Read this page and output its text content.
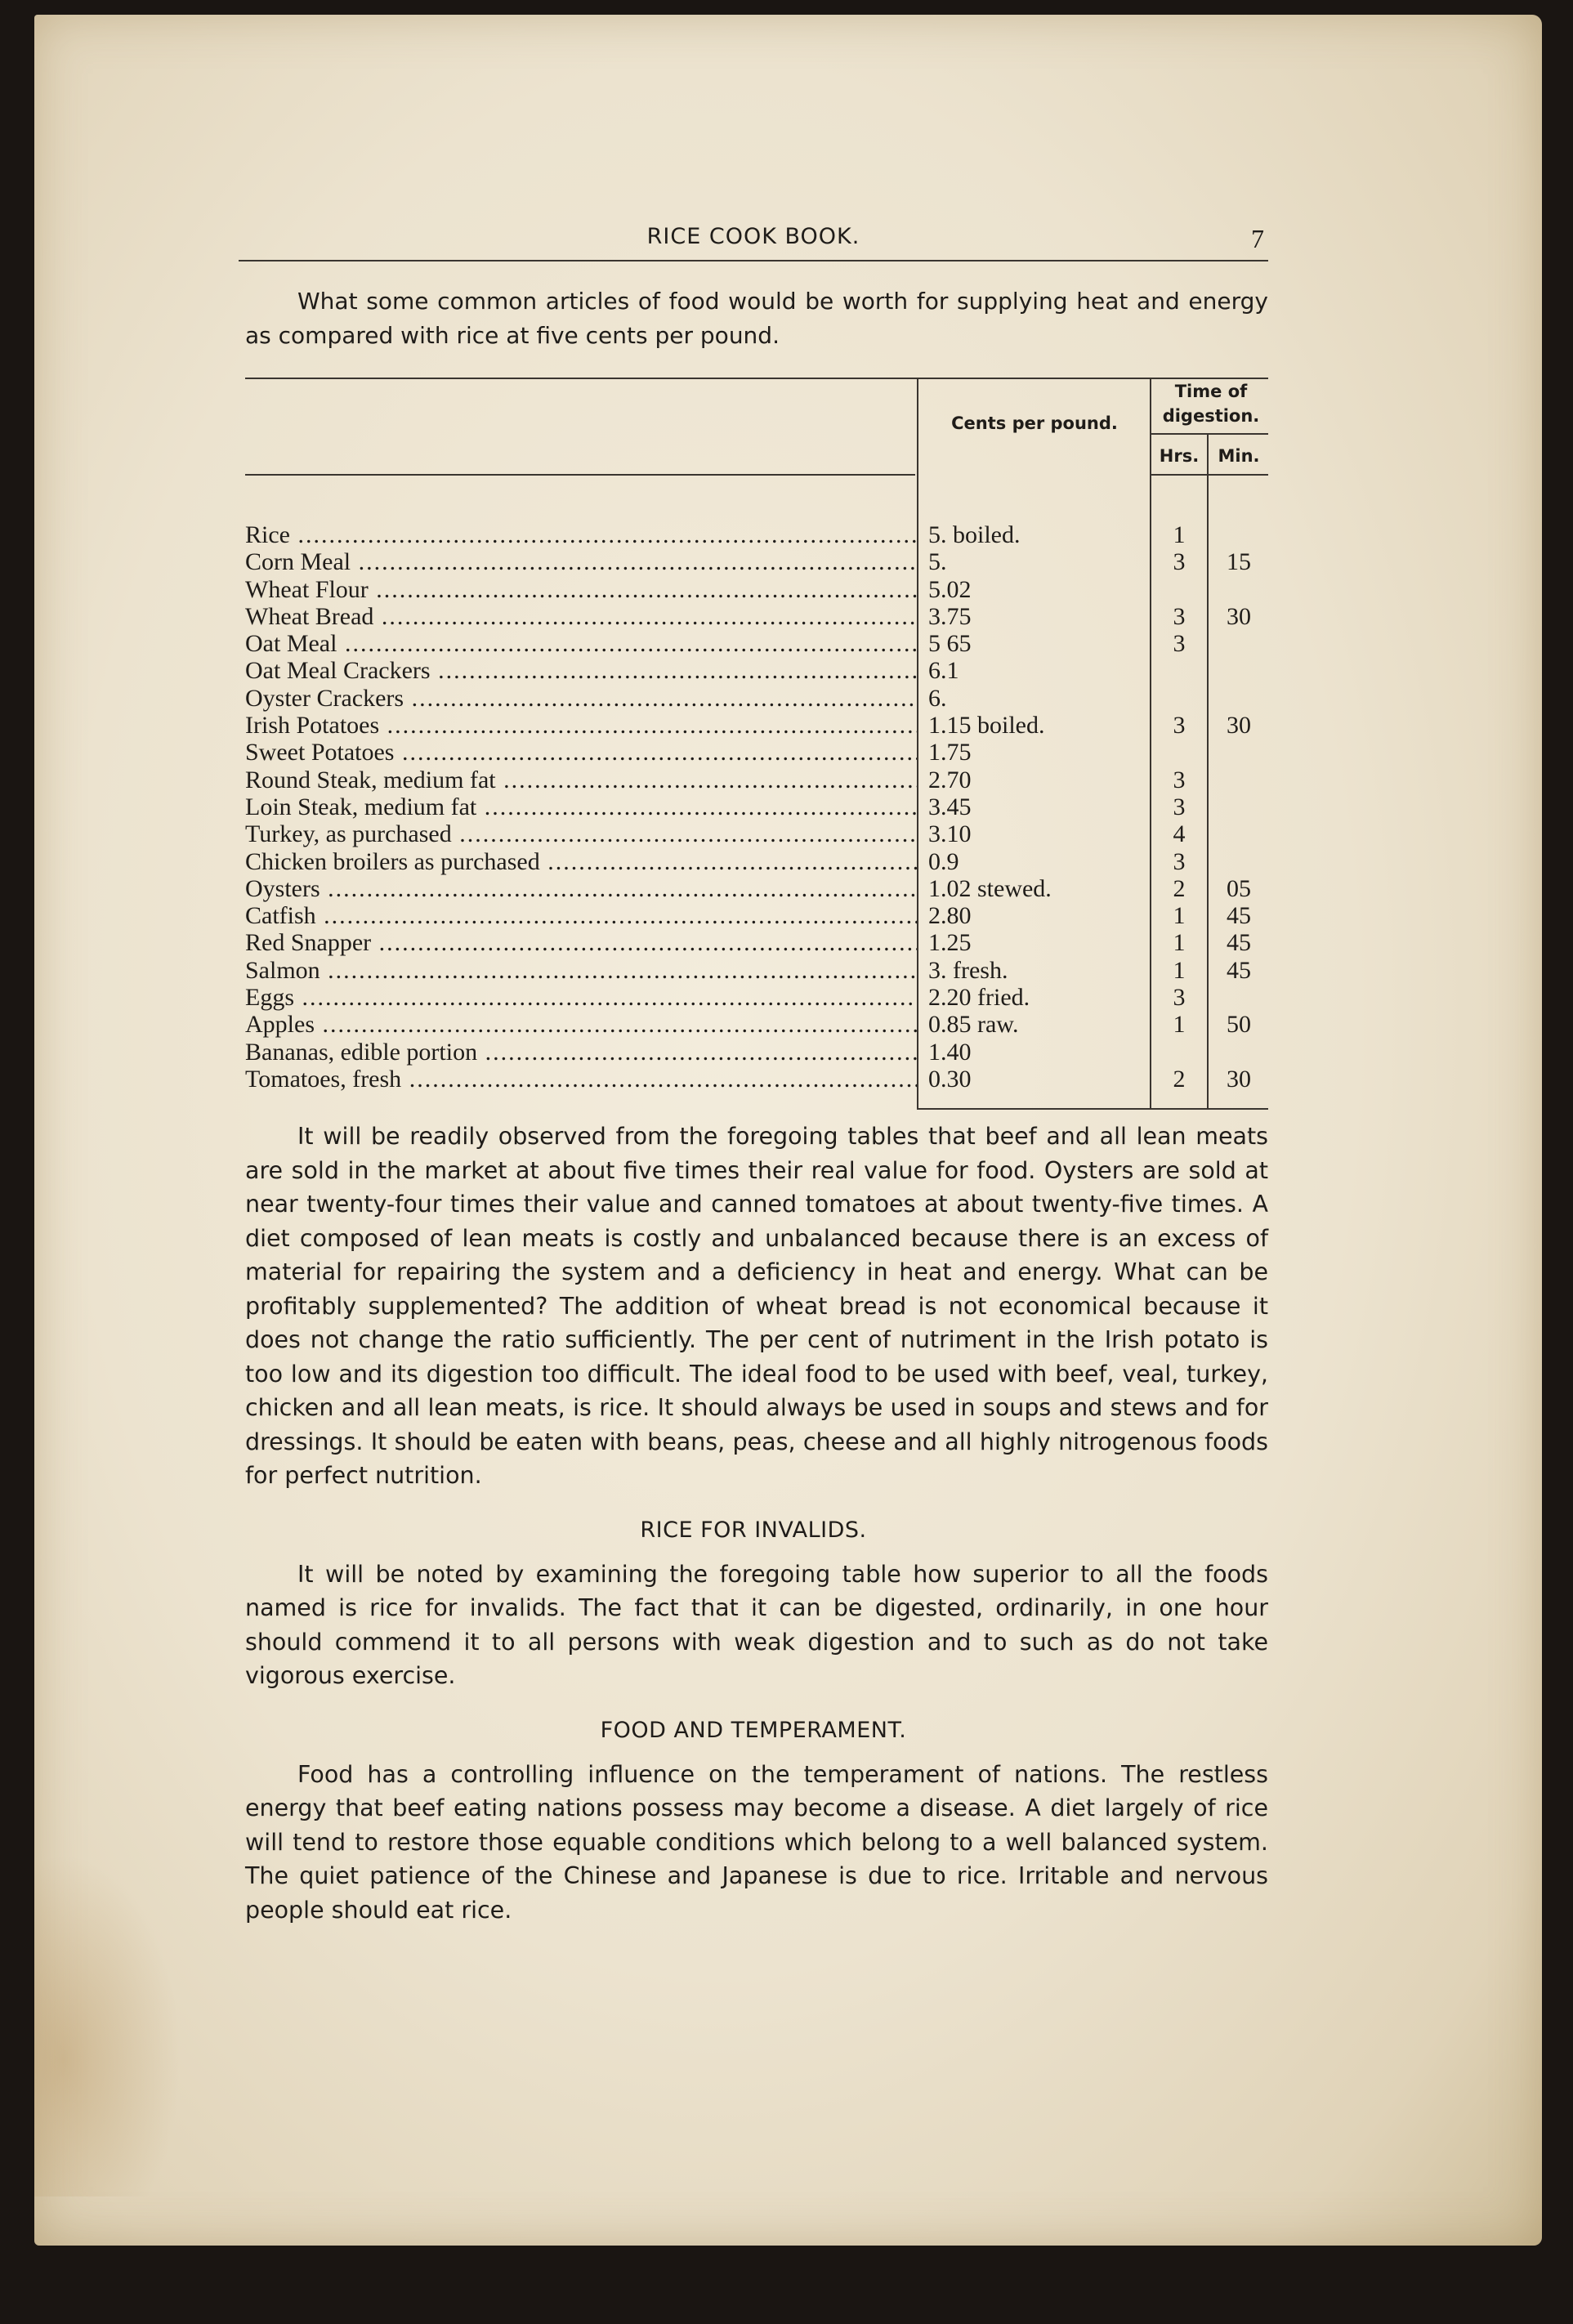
RICE COOK BOOK.	7

What some common articles of food would be worth for supplying heat and energy as compared with rice at five cents per pound.

Cents per pound.
Time of digestion.
Hrs.	Min.
Rice .....	5. boiled.	1
Corn Meal .....	5.	3	15
Wheat Flour .....	5.02
Wheat Bread .....	3.75	3	30
Oat Meal .....	5 65	3
Oat Meal Crackers .....	6.1
Oyster Crackers .....	6.
Irish Potatoes .....	1.15 boiled.	3	30
Sweet Potatoes .....	1.75
Round Steak, medium fat .....	2.70	3
Loin Steak, medium fat .....	3.45	3
Turkey, as purchased .....	3.10	4
Chicken broilers as purchased .....	0.9	3
Oysters .....	1.02 stewed.	2	05
Catfish .....	2.80	1	45
Red Snapper .....	1.25	1	45
Salmon .....	3. fresh.	1	45
Eggs .....	2.20 fried.	3
Apples .....	0.85 raw.	1	50
Bananas, edible portion .....	1.40
Tomatoes, fresh .....	0.30	2	30

It will be readily observed from the foregoing tables that beef and all lean meats are sold in the market at about five times their real value for food. Oysters are sold at near twenty-four times their value and canned tomatoes at about twenty-five times. A diet composed of lean meats is costly and unbalanced because there is an excess of material for repairing the system and a deficiency in heat and energy. What can be profitably supplemented? The addition of wheat bread is not economical because it does not change the ratio sufficiently. The per cent of nutriment in the Irish potato is too low and its digestion too difficult. The ideal food to be used with beef, veal, turkey, chicken and all lean meats, is rice. It should always be used in soups and stews and for dressings. It should be eaten with beans, peas, cheese and all highly nitrogenous foods for perfect nutrition.

RICE FOR INVALIDS.

It will be noted by examining the foregoing table how superior to all the foods named is rice for invalids. The fact that it can be digested, ordinarily, in one hour should commend it to all persons with weak digestion and to such as do not take vigorous exercise.

FOOD AND TEMPERAMENT.

Food has a controlling influence on the temperament of nations. The restless energy that beef eating nations possess may become a disease. A diet largely of rice will tend to restore those equable conditions which belong to a well balanced system. The quiet patience of the Chinese and Japanese is due to rice. Irritable and nervous people should eat rice.
